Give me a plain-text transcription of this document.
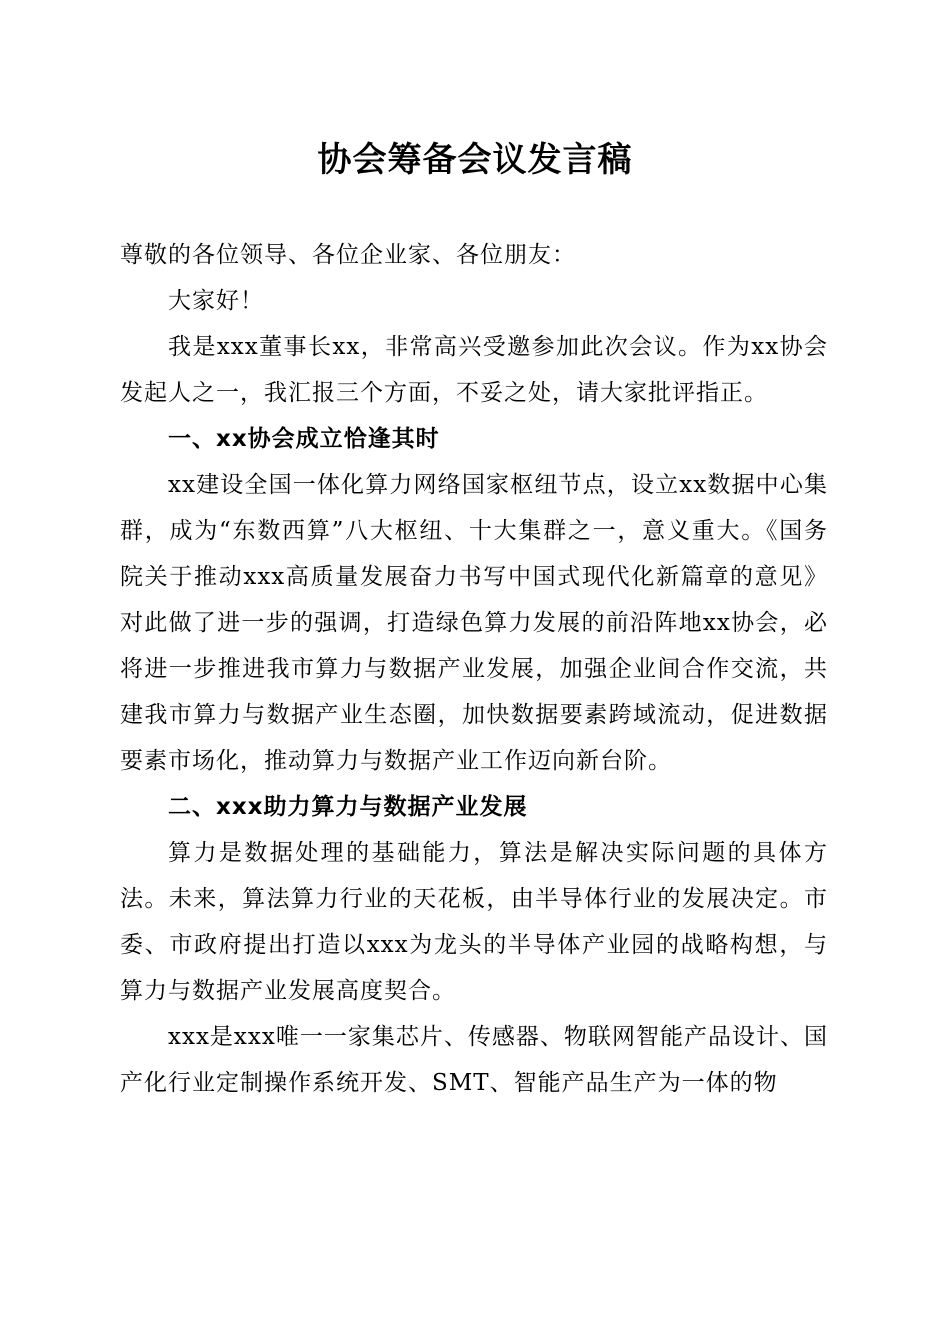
协会筹备会议发言稿

尊敬的各位领导、各位企业家、各位朋友：

大家好！

我是xxx董事长xx，非常高兴受邀参加此次会议。作为xx协会发起人之一，我汇报三个方面，不妥之处，请大家批评指正。

一、xx协会成立恰逢其时

xx建设全国一体化算力网络国家枢纽节点，设立xx数据中心集群，成为“东数西算”八大枢纽、十大集群之一，意义重大。《国务院关于推动xxx高质量发展奋力书写中国式现代化新篇章的意见》对此做了进一步的强调，打造绿色算力发展的前沿阵地xx协会，必将进一步推进我市算力与数据产业发展，加强企业间合作交流，共建我市算力与数据产业生态圈，加快数据要素跨域流动，促进数据要素市场化，推动算力与数据产业工作迈向新台阶。

二、xxx助力算力与数据产业发展

算力是数据处理的基础能力，算法是解决实际问题的具体方法。未来，算法算力行业的天花板，由半导体行业的发展决定。市委、市政府提出打造以xxx为龙头的半导体产业园的战略构想，与算力与数据产业发展高度契合。

xxx是xxx唯一一家集芯片、传感器、物联网智能产品设计、国产化行业定制操作系统开发、SMT、智能产品生产为一体的物
